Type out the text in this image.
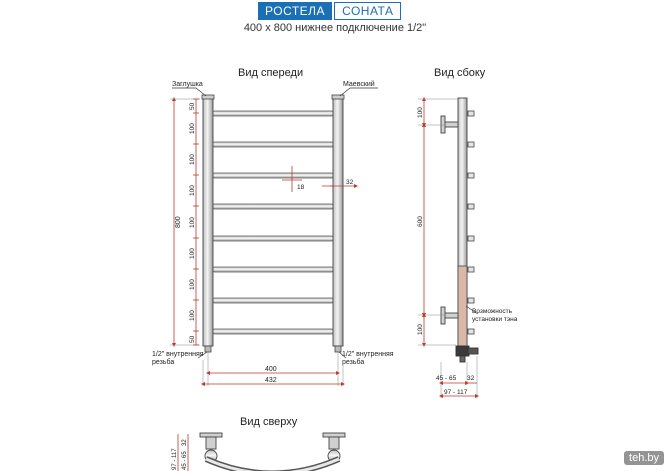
РОСТЕЛА	СОНАТА
400 х 800 нижнее подключение 1/2"
Вид спереди
Заглушка	Маевский
1/2" внутренняя
резьба
1/2" внутренняя
резьба
800
50
100
100
100
100
100
100
100
50
18
32
400
432
Вид сбоку
100
600
100
Возможность
установки тэна
45 - 65 32
97 - 117
Вид сверху
97 - 117
32
45 - 65	teh.by
